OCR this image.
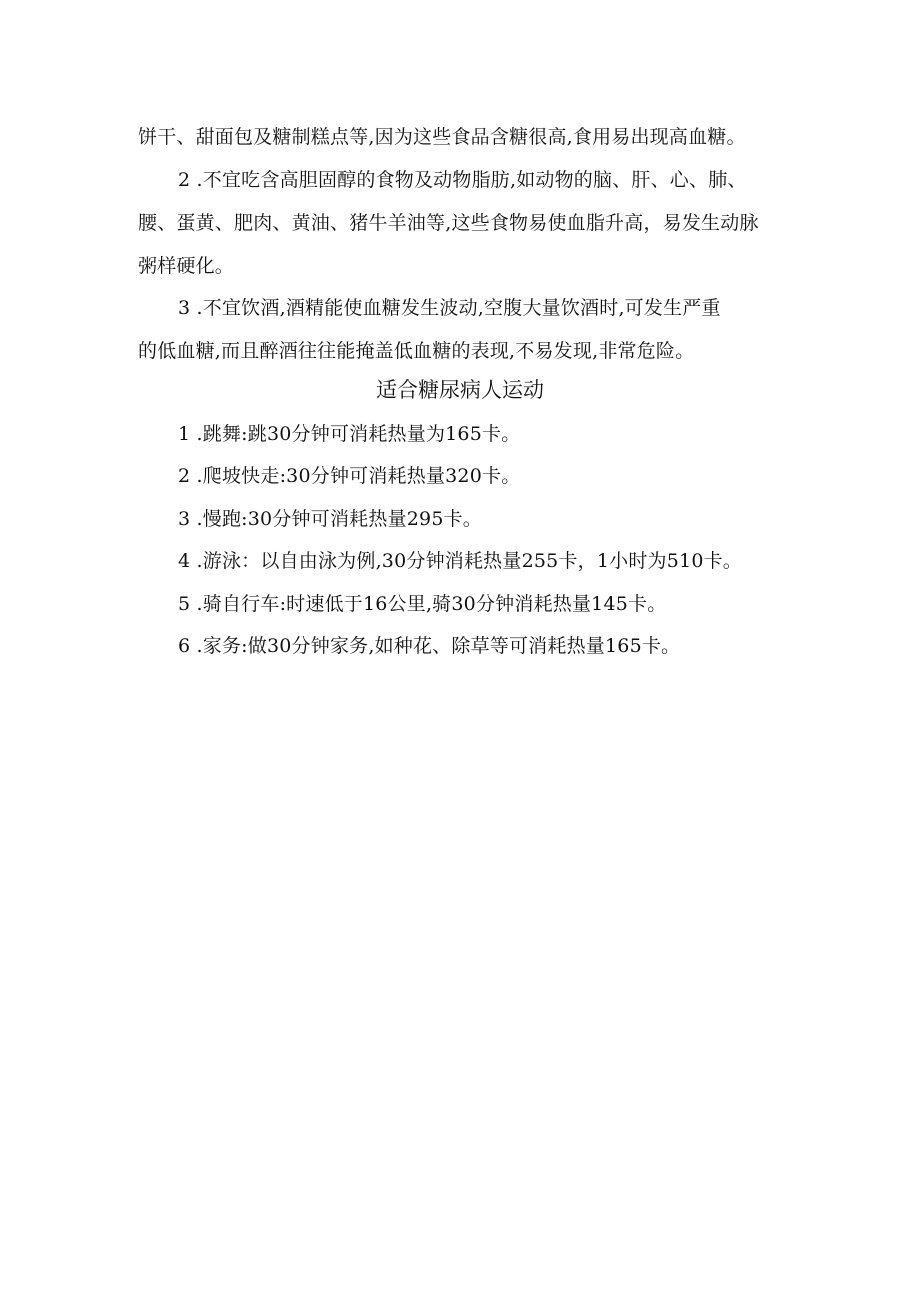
饼干、甜面包及糖制糕点等,因为这些食品含糖很高,食用易出现高血糖。
2 .不宜吃含高胆固醇的食物及动物脂肪,如动物的脑、肝、心、肺、
腰、蛋黄、肥肉、黄油、猪牛羊油等,这些食物易使血脂升高，易发生动脉
粥样硬化。
3 .不宜饮酒,酒精能使血糖发生波动,空腹大量饮酒时,可发生严重
的低血糖,而且醉酒往往能掩盖低血糖的表现,不易发现,非常危险。
适合糖尿病人运动
1 .跳舞:跳30分钟可消耗热量为165卡。
2 .爬坡快走:30分钟可消耗热量320卡。
3 .慢跑:30分钟可消耗热量295卡。
4 .游泳：以自由泳为例,30分钟消耗热量255卡，1小时为510卡。
5 .骑自行车:时速低于16公里,骑30分钟消耗热量145卡。
6 .家务:做30分钟家务,如种花、除草等可消耗热量165卡。
